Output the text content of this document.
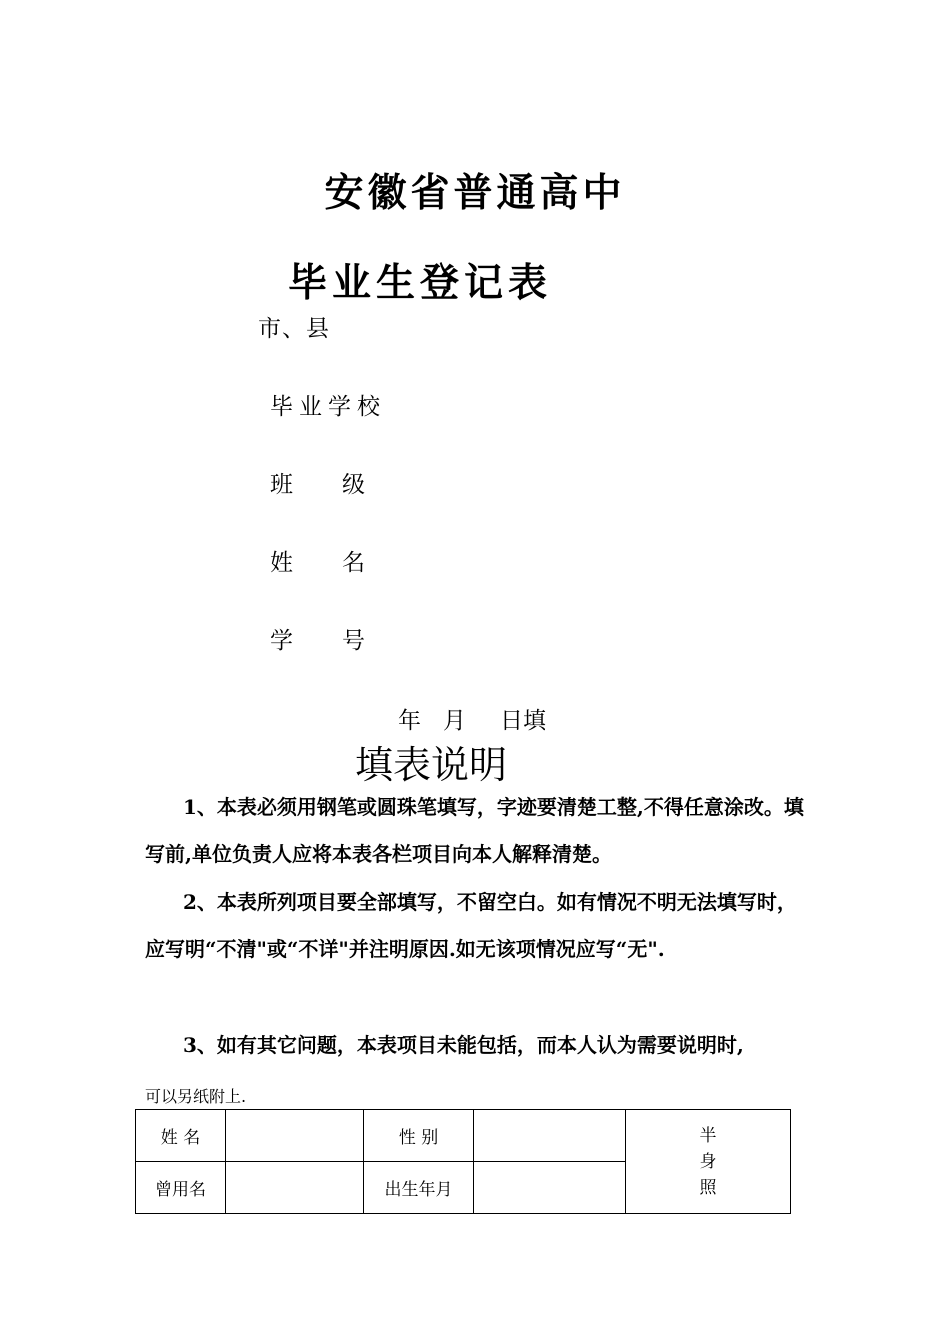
安徽省普通高中
毕业生登记表
市、县
毕业学校
班 级
姓 名
学 号
年 月 日填
填表说明
1、本表必须用钢笔或圆珠笔填写，字迹要清楚工整,不得任意涂改。填写前,单位负责人应将本表各栏项目向本人解释清楚。
2、本表所列项目要全部填写，不留空白。如有情况不明无法填写时，应写明“不清"或“不详"并注明原因.如无该项情况应写“无".
3、如有其它问题，本表项目未能包括，而本人认为需要说明时,
可以另纸附上.
姓 名		性 别		半
身
照
曾用名		出生年月		
